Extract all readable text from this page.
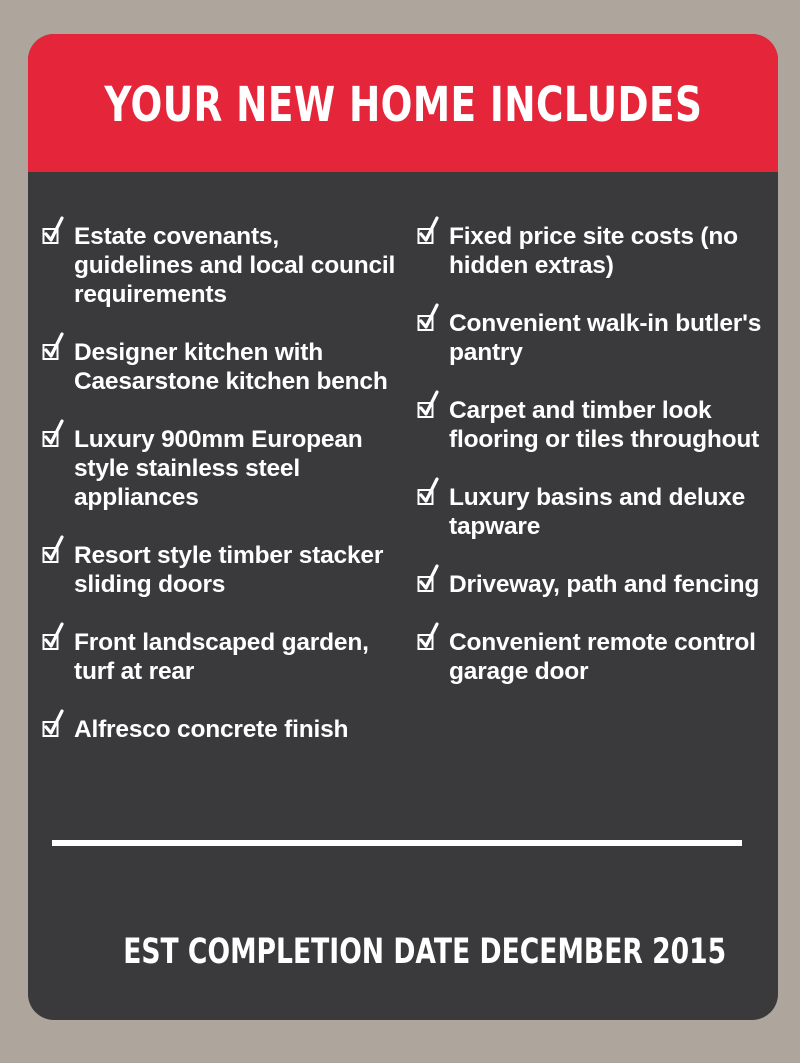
YOUR NEW HOME INCLUDES
Estate covenants, guidelines and local council requirements
Designer kitchen with Caesarstone kitchen bench
Luxury 900mm European style stainless steel appliances
Resort style timber stacker sliding doors
Front landscaped garden, turf at rear
Alfresco concrete finish
Fixed price site costs (no hidden extras)
Convenient walk-in butler's pantry
Carpet and timber look flooring or tiles throughout
Luxury basins and deluxe tapware
Driveway, path and fencing
Convenient remote control garage door
EST COMPLETION DATE DECEMBER 2015
